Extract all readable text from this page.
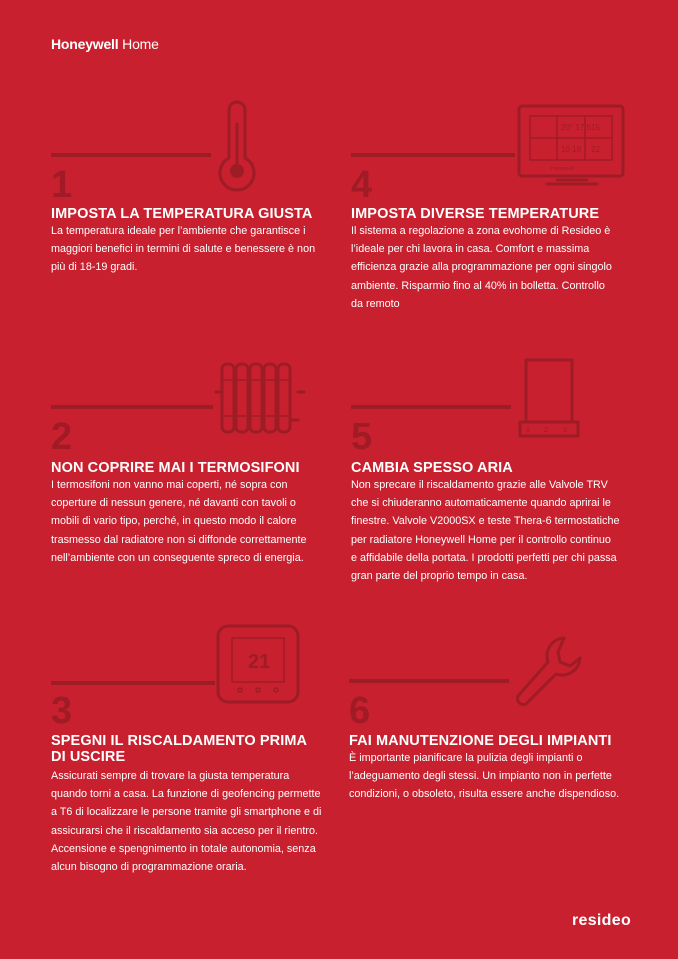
Honeywell Home
1
IMPOSTA LA TEMPERATURA GIUSTA
La temperatura ideale per l’ambiente che garantisce i
maggiori benefici in termini di salute e benessere è non
più di 18-19 gradi.
20° 17.5 15
10 18 22
Honeywell
4
IMPOSTA DIVERSE TEMPERATURE
Il sistema a regolazione a zona evohome di Resideo è
l’ideale per chi lavora in casa. Comfort e massima
efficienza grazie alla programmazione per ogni singolo
ambiente. Risparmio fino al 40% in bolletta. Controllo
da remoto
2
NON COPRIRE MAI I TERMOSIFONI
I termosifoni non vanno mai coperti, né sopra con
coperture di nessun genere, né davanti con tavoli o
mobili di vario tipo, perché, in questo modo il calore
trasmesso dal radiatore non si diffonde correttamente
nell’ambiente con un conseguente spreco di energia.
1 2 3
5
CAMBIA SPESSO ARIA
Non sprecare il riscaldamento grazie alle Valvole TRV
che si chiuderanno automaticamente quando aprirai le
finestre. Valvole V2000SX e teste Thera-6 termostatiche
per radiatore Honeywell Home per il controllo continuo
e affidabile della portata. I prodotti perfetti per chi passa
gran parte del proprio tempo in casa.
21
3
SPEGNI IL RISCALDAMENTO PRIMA
DI USCIRE
Assicurati sempre di trovare la giusta temperatura
quando torni a casa. La funzione di geofencing permette
a T6 di localizzare le persone tramite gli smartphone e di
assicurarsi che il riscaldamento sia acceso per il rientro.
Accensione e spengnimento in totale autonomia, senza
alcun bisogno di programmazione oraria.
6
FAI MANUTENZIONE DEGLI IMPIANTI
È importante pianificare la pulizia degli impianti o
l’adeguamento degli stessi. Un impianto non in perfette
condizioni, o obsoleto, risulta essere anche dispendioso.
resideo
